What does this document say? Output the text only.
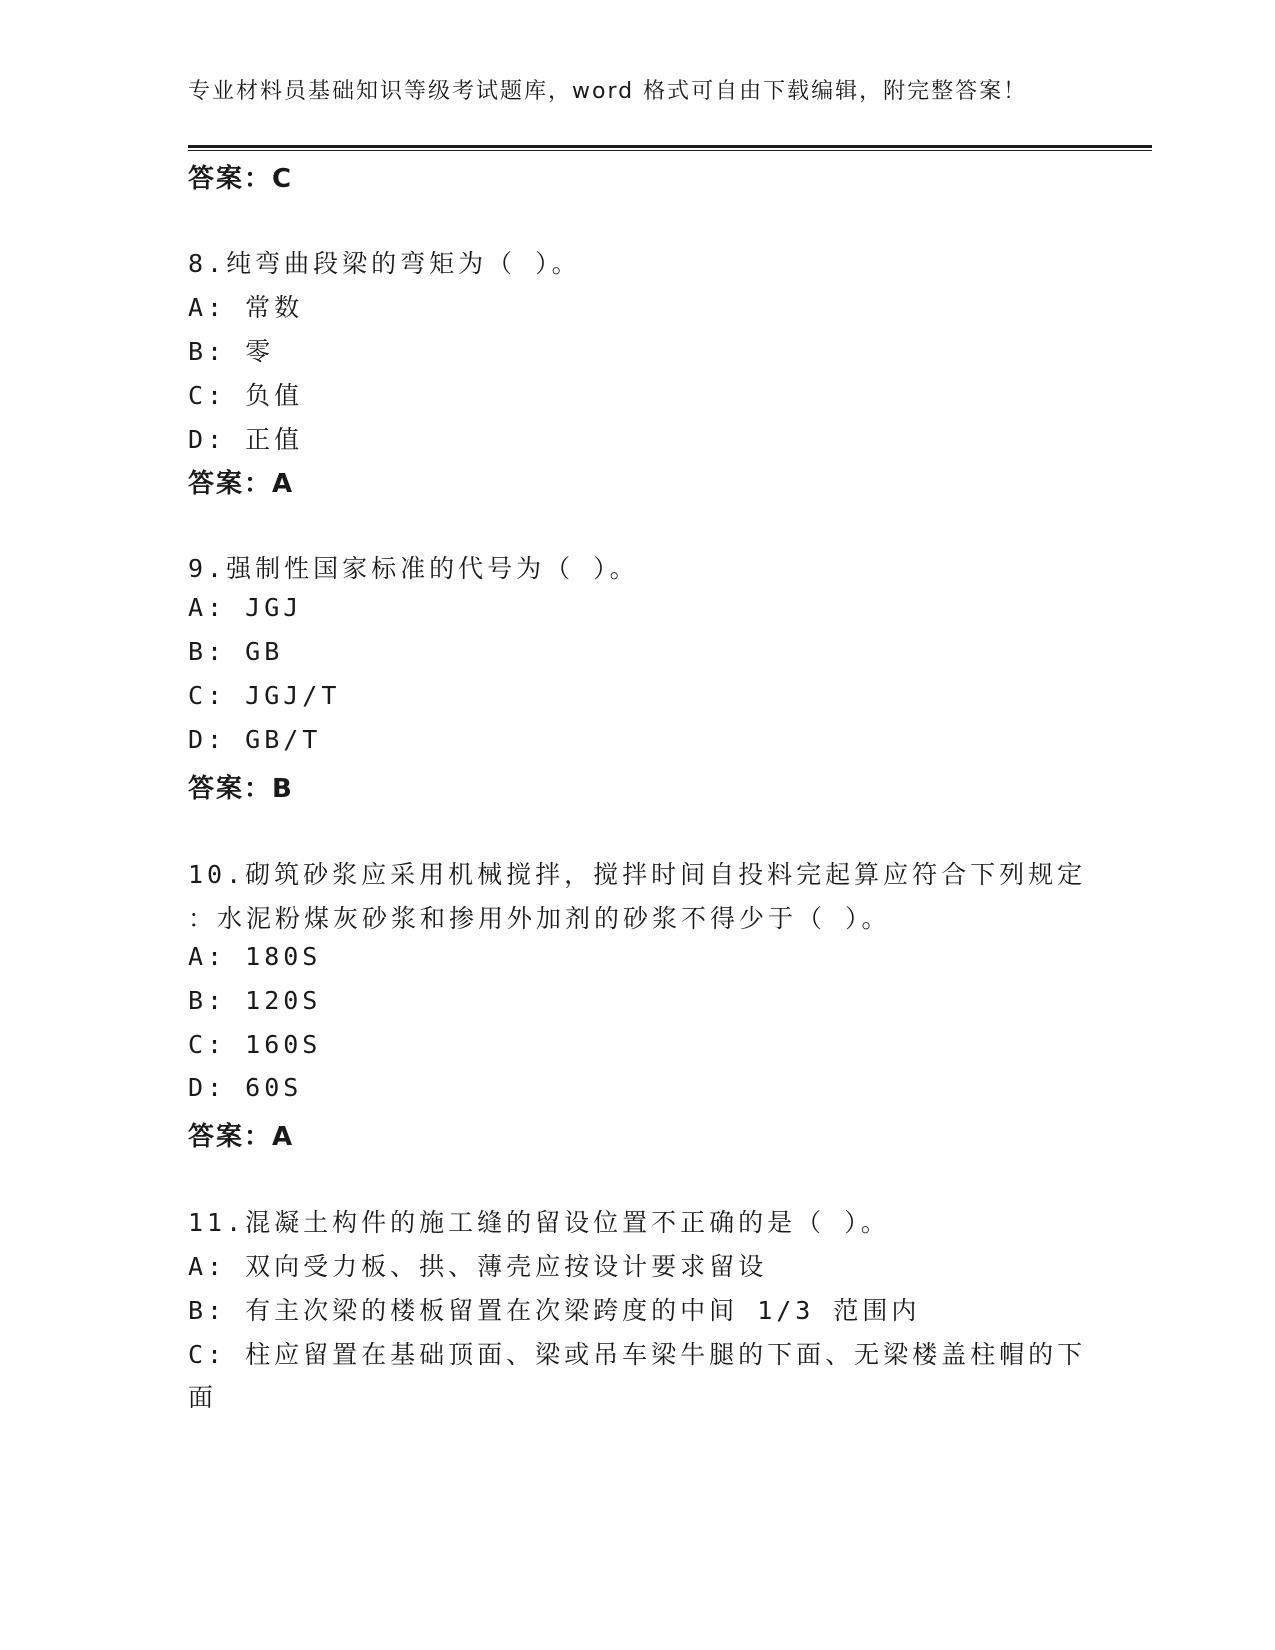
专业材料员基础知识等级考试题库，word 格式可自由下载编辑，附完整答案！
答案：C
8.纯弯曲段梁的弯矩为（ ）。
A: 常数
B: 零
C: 负值
D: 正值
答案：A
9.强制性国家标准的代号为（ ）。
A: JGJ
B: GB
C: JGJ/T
D: GB/T
答案：B
10.砌筑砂浆应采用机械搅拌，搅拌时间自投料完起算应符合下列规定
：水泥粉煤灰砂浆和掺用外加剂的砂浆不得少于（ ）。
A: 180S
B: 120S
C: 160S
D: 60S
答案：A
11.混凝土构件的施工缝的留设位置不正确的是（ ）。
A: 双向受力板、拱、薄壳应按设计要求留设
B: 有主次梁的楼板留置在次梁跨度的中间 1/3 范围内
C: 柱应留置在基础顶面、梁或吊车梁牛腿的下面、无梁楼盖柱帽的下
面
